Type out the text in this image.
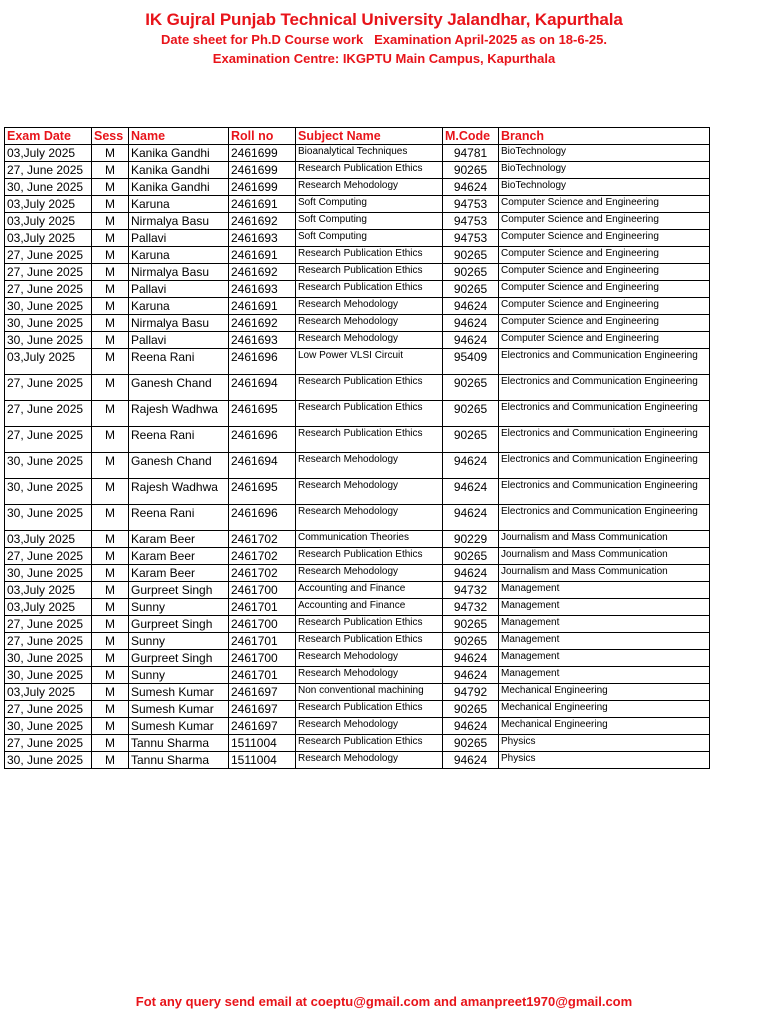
IK Gujral Punjab Technical University Jalandhar, Kapurthala
Date sheet for Ph.D Course work   Examination April-2025 as on 18-6-25.
Examination Centre: IKGPTU Main Campus, Kapurthala
Exam Date	Sess	Name	Roll no	Subject Name	M.Code	Branch
03,July 2025	M	Kanika Gandhi	2461699	Bioanalytical Techniques	94781	BioTechnology
27, June 2025	M	Kanika Gandhi	2461699	Research Publication Ethics	90265	BioTechnology
30, June 2025	M	Kanika Gandhi	2461699	Research Mehodology	94624	BioTechnology
03,July 2025	M	Karuna	2461691	Soft Computing	94753	Computer Science and Engineering
03,July 2025	M	Nirmalya Basu	2461692	Soft Computing	94753	Computer Science and Engineering
03,July 2025	M	Pallavi	2461693	Soft Computing	94753	Computer Science and Engineering
27, June 2025	M	Karuna	2461691	Research Publication Ethics	90265	Computer Science and Engineering
27, June 2025	M	Nirmalya Basu	2461692	Research Publication Ethics	90265	Computer Science and Engineering
27, June 2025	M	Pallavi	2461693	Research Publication Ethics	90265	Computer Science and Engineering
30, June 2025	M	Karuna	2461691	Research Mehodology	94624	Computer Science and Engineering
30, June 2025	M	Nirmalya Basu	2461692	Research Mehodology	94624	Computer Science and Engineering
30, June 2025	M	Pallavi	2461693	Research Mehodology	94624	Computer Science and Engineering
03,July 2025	M	Reena Rani	2461696	Low Power VLSI Circuit	95409	Electronics and Communication Engineering
27, June 2025	M	Ganesh Chand	2461694	Research Publication Ethics	90265	Electronics and Communication Engineering
27, June 2025	M	Rajesh Wadhwa	2461695	Research Publication Ethics	90265	Electronics and Communication Engineering
27, June 2025	M	Reena Rani	2461696	Research Publication Ethics	90265	Electronics and Communication Engineering
30, June 2025	M	Ganesh Chand	2461694	Research Mehodology	94624	Electronics and Communication Engineering
30, June 2025	M	Rajesh Wadhwa	2461695	Research Mehodology	94624	Electronics and Communication Engineering
30, June 2025	M	Reena Rani	2461696	Research Mehodology	94624	Electronics and Communication Engineering
03,July 2025	M	Karam Beer	2461702	Communication Theories	90229	Journalism and Mass Communication
27, June 2025	M	Karam Beer	2461702	Research Publication Ethics	90265	Journalism and Mass Communication
30, June 2025	M	Karam Beer	2461702	Research Mehodology	94624	Journalism and Mass Communication
03,July 2025	M	Gurpreet Singh	2461700	Accounting and Finance	94732	Management
03,July 2025	M	Sunny	2461701	Accounting and Finance	94732	Management
27, June 2025	M	Gurpreet Singh	2461700	Research Publication Ethics	90265	Management
27, June 2025	M	Sunny	2461701	Research Publication Ethics	90265	Management
30, June 2025	M	Gurpreet Singh	2461700	Research Mehodology	94624	Management
30, June 2025	M	Sunny	2461701	Research Mehodology	94624	Management
03,July 2025	M	Sumesh Kumar	2461697	Non conventional machining	94792	Mechanical Engineering
27, June 2025	M	Sumesh Kumar	2461697	Research Publication Ethics	90265	Mechanical Engineering
30, June 2025	M	Sumesh Kumar	2461697	Research Mehodology	94624	Mechanical Engineering
27, June 2025	M	Tannu Sharma	1511004	Research Publication Ethics	90265	Physics
30, June 2025	M	Tannu Sharma	1511004	Research Mehodology	94624	Physics
Fot any query send email at coeptu@gmail.com and amanpreet1970@gmail.com
